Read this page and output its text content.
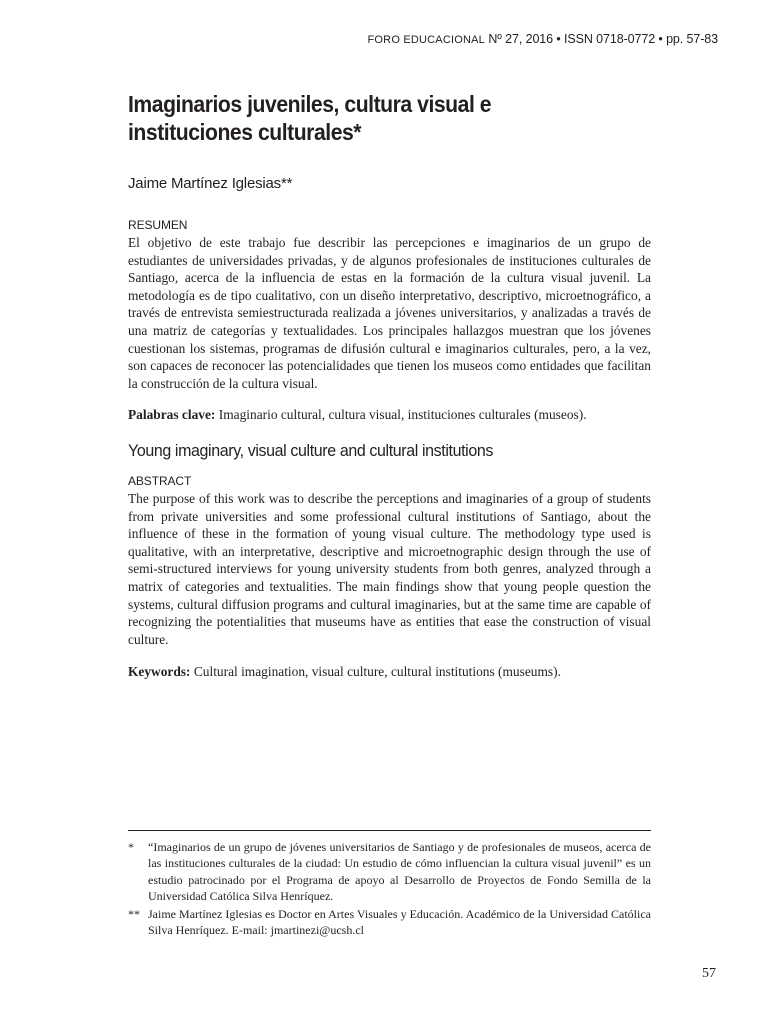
FORO EDUCACIONAL Nº 27, 2016 • ISSN 0718-0772 • pp. 57-83
Imaginarios juveniles, cultura visual e instituciones culturales*
Jaime Martínez Iglesias**
RESUMEN

El objetivo de este trabajo fue describir las percepciones e imaginarios de un grupo de estudiantes de universidades privadas, y de algunos profesionales de instituciones culturales de Santiago, acerca de la influencia de estas en la formación de la cultura visual juvenil. La metodología es de tipo cualitativo, con un diseño interpretativo, descriptivo, microetnográfico, a través de entrevista semiestructurada realizada a jóvenes universitarios, y analizadas a través de una matriz de categorías y textualidades. Los principales hallazgos muestran que los jóvenes cuestionan los sistemas, programas de difusión cultural e imaginarios culturales, pero, a la vez, son capaces de reconocer las potencialidades que tienen los museos como entidades que facilitan la construcción de la cultura visual.

Palabras clave: Imaginario cultural, cultura visual, instituciones culturales (museos).
Young imaginary, visual culture and cultural institutions
ABSTRACT

The purpose of this work was to describe the perceptions and imaginaries of a group of students from private universities and some professional cultural institutions of Santiago, about the influence of these in the formation of young visual culture. The methodology type used is qualitative, with an interpretative, descriptive and microetnographic design through the use of semi-structured interviews for young university students from both genres, analyzed through a matrix of categories and textualities. The main findings show that young people question the systems, cultural diffusion programs and cultural imaginaries, but at the same time are capable of recognizing the potentialities that museums have as entities that ease the construction of visual culture.

Keywords: Cultural imagination, visual culture, cultural institutions (museums).
* “Imaginarios de un grupo de jóvenes universitarios de Santiago y de profesionales de museos, acerca de las instituciones culturales de la ciudad: Un estudio de cómo influencian la cultura visual juvenil” es un estudio patrocinado por el Programa de apoyo al Desarrollo de Proyectos de Fondo Semilla de la Universidad Católica Silva Henríquez.
** Jaime Martínez Iglesias es Doctor en Artes Visuales y Educación. Académico de la Universidad Católica Silva Henríquez. E-mail: jmartinezi@ucsh.cl
57
